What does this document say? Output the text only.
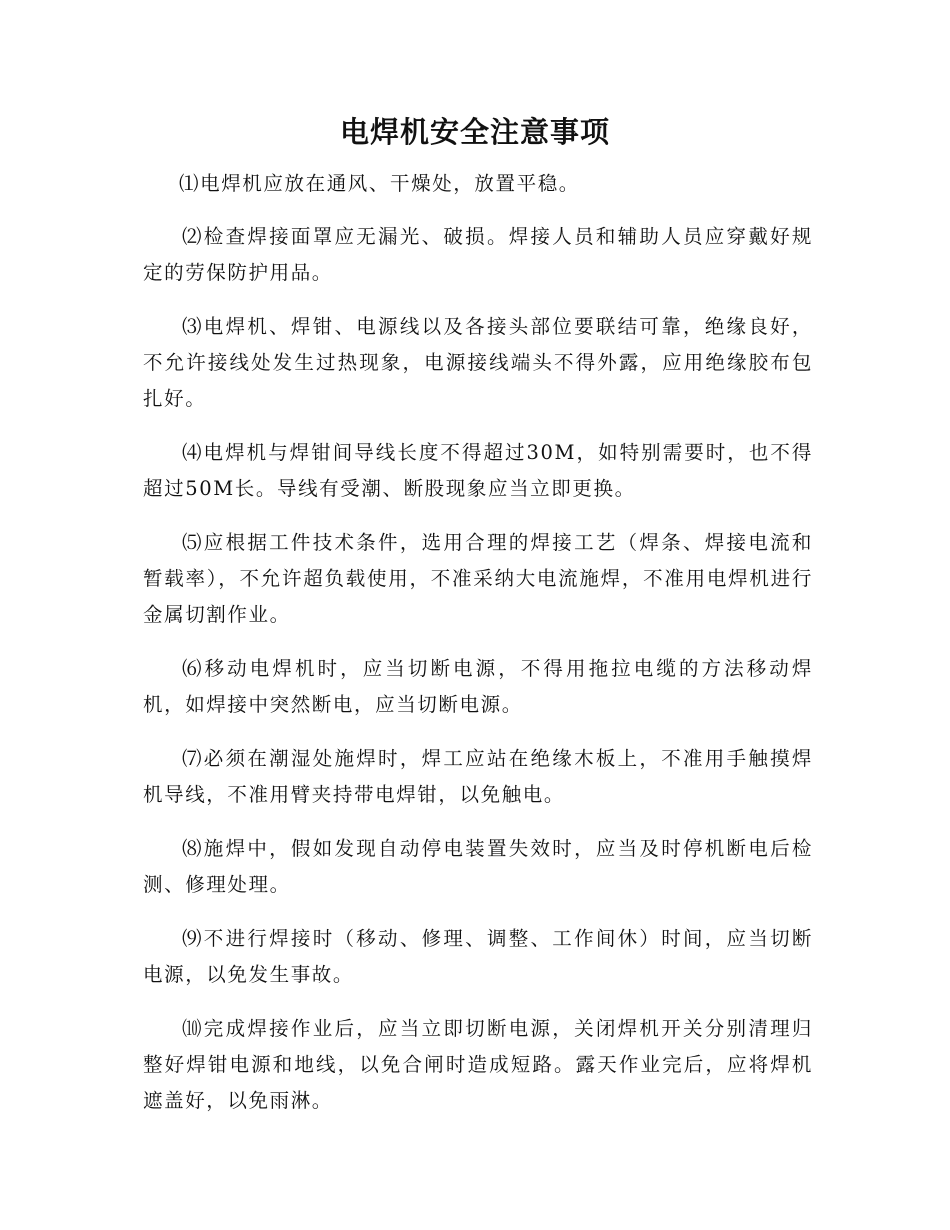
电焊机安全注意事项

⑴电焊机应放在通风、干燥处，放置平稳。

⑵检查焊接面罩应无漏光、破损。焊接人员和辅助人员应穿戴好规定的劳保防护用品。

⑶电焊机、焊钳、电源线以及各接头部位要联结可靠，绝缘良好，不允许接线处发生过热现象，电源接线端头不得外露，应用绝缘胶布包扎好。

⑷电焊机与焊钳间导线长度不得超过30M，如特别需要时，也不得超过50M长。导线有受潮、断股现象应当立即更换。

⑸应根据工件技术条件，选用合理的焊接工艺（焊条、焊接电流和暂载率），不允许超负载使用，不准采纳大电流施焊，不准用电焊机进行金属切割作业。

⑹移动电焊机时，应当切断电源，不得用拖拉电缆的方法移动焊机，如焊接中突然断电，应当切断电源。

⑺必须在潮湿处施焊时，焊工应站在绝缘木板上，不准用手触摸焊机导线，不准用臂夹持带电焊钳，以免触电。

⑻施焊中，假如发现自动停电装置失效时，应当及时停机断电后检测、修理处理。

⑼不进行焊接时（移动、修理、调整、工作间休）时间，应当切断电源，以免发生事故。

⑽完成焊接作业后，应当立即切断电源，关闭焊机开关分别清理归整好焊钳电源和地线，以免合闸时造成短路。露天作业完后，应将焊机遮盖好，以免雨淋。
